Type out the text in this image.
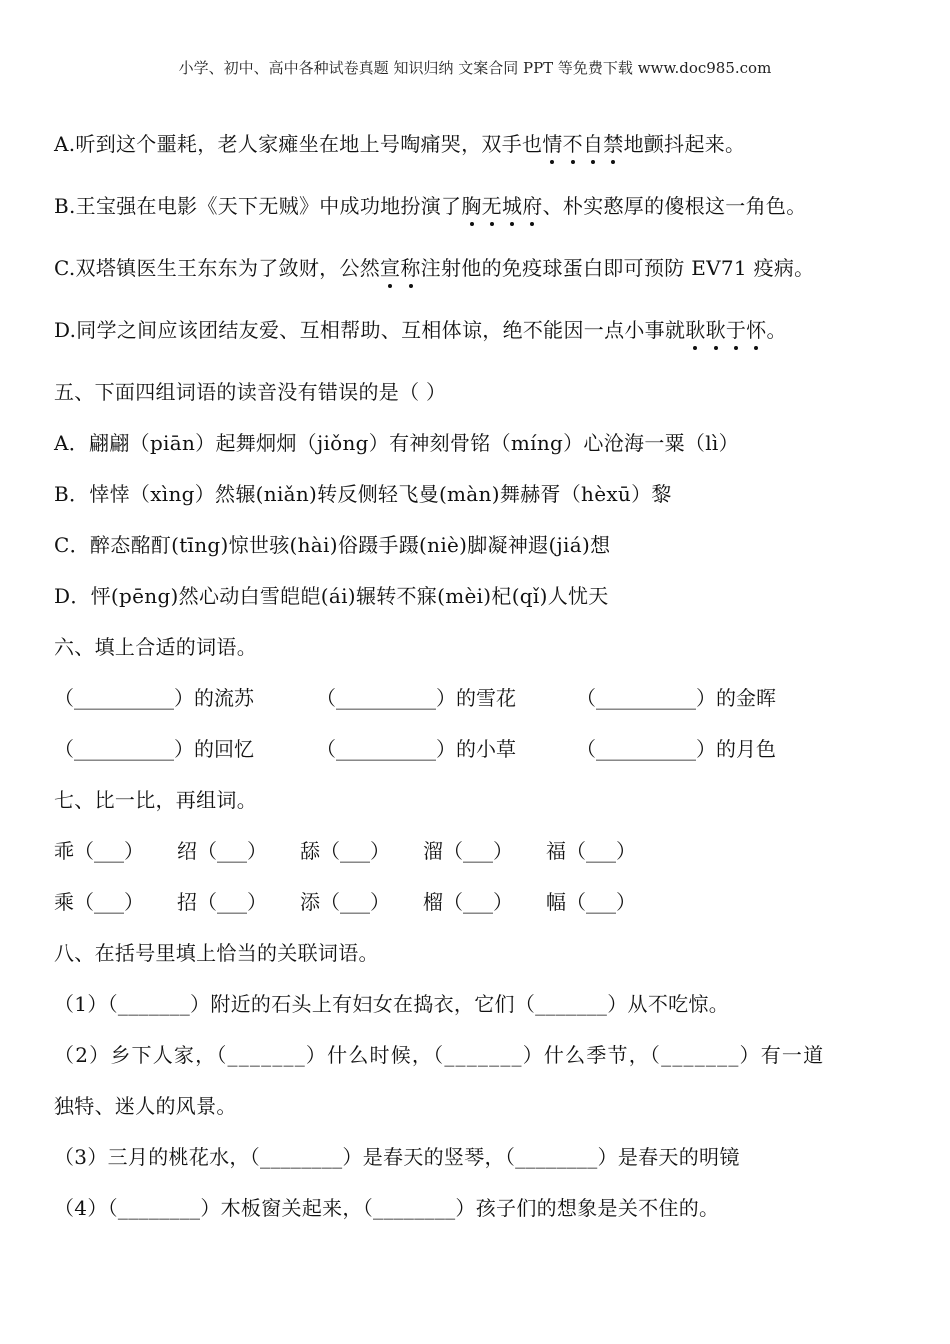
小学、初中、高中各种试卷真题 知识归纳 文案合同 PPT 等免费下载 www.doc985.com
A.听到这个噩耗，老人家瘫坐在地上号啕痛哭，双手也情不自禁地颤抖起来。
B.王宝强在电影《天下无贼》中成功地扮演了胸无城府、朴实憨厚的傻根这一角色。
C.双塔镇医生王东东为了敛财，公然宣称注射他的免疫球蛋白即可预防 EV71 疫病。
D.同学之间应该团结友爱、互相帮助、互相体谅，绝不能因一点小事就耿耿于怀。
五、下面四组词语的读音没有错误的是（ ）
A．翩翩（piān）起舞炯炯（jiǒng）有神刻骨铭（míng）心沧海一粟（lì）
B．悻悻（xìng）然辗(niǎn)转反侧轻飞曼(màn)舞赫胥（hèxū）黎
C．醉态酩酊(tīng)惊世骇(hài)俗蹑手蹑(niè)脚凝神遐(jiá)想
D．怦(pēng)然心动白雪皑皑(ái)辗转不寐(mèi)杞(qǐ)人忧天
六、填上合适的词语。
（__________）的流苏	（__________）的雪花	（__________）的金晖
（__________）的回忆	（__________）的小草	（__________）的月色
七、比一比，再组词。
乖（___） 绍（___） 舔（___） 溜（___） 福（___）
乘（___） 招（___） 添（___） 榴（___） 幅（___）
八、在括号里填上恰当的关联词语。
（1）（_______）附近的石头上有妇女在捣衣，它们（_______）从不吃惊。
（2）乡下人家，（_______）什么时候，（_______）什么季节，（_______）有一道
独特、迷人的风景。
（3）三月的桃花水，（________）是春天的竖琴，（________）是春天的明镜
（4）（________）木板窗关起来，（________）孩子们的想象是关不住的。
